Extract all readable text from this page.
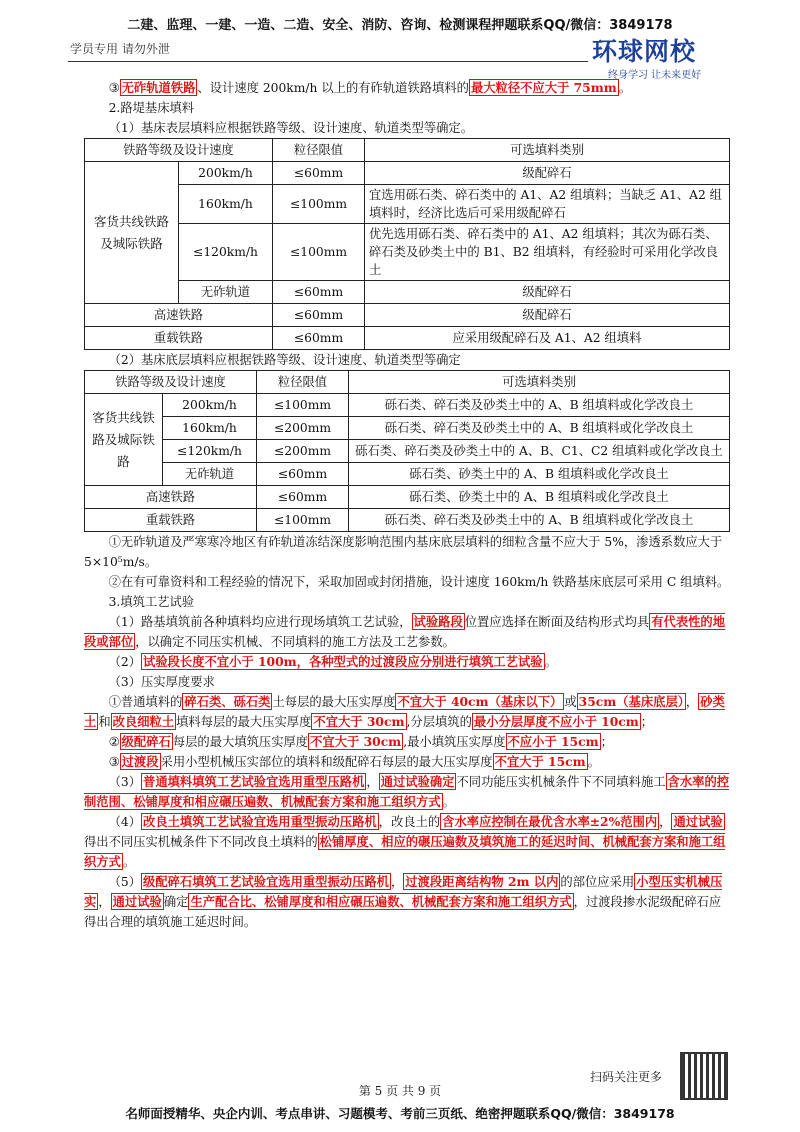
二建、监理、一建、一造、二造、安全、消防、咨询、检测课程押题联系QQ/微信：3849178
学员专用 请勿外泄	环球网校
终身学习 让未来更好

③ 无砟轨道铁路 、设计速度 200km/h 以上的有砟轨道铁路填料的 最大粒径不应大于 75mm 。

2.路堤基床填料

（1）基床表层填料应根据铁路等级、设计速度、轨道类型等确定。

铁路等级及设计速度		粒径限值	可选填料类别
客货共线铁路及城际铁路	200km/h	≤60mm	级配碎石
	160km/h	≤100mm	宜选用砾石类、碎石类中的 A1、A2 组填料；当缺乏 A1、A2 组填料时，经济比选后可采用级配碎石
	≤120km/h	≤100mm	优先选用砾石类、碎石类中的 A1、A2 组填料；其次为砾石类、碎石类及砂类土中的 B1、B2 组填料，有经验时可采用化学改良土
	无砟轨道	≤60mm	级配碎石
高速铁路		≤60mm	级配碎石
重载铁路		≤60mm	应采用级配碎石及 A1、A2 组填料

（2）基床底层填料应根据铁路等级、设计速度、轨道类型等确定

铁路等级及设计速度		粒径限值	可选填料类别
客货共线铁路及城际铁路	200km/h	≤100mm	砾石类、碎石类及砂类土中的 A、B 组填料或化学改良土
	160km/h	≤200mm	砾石类、碎石类及砂类土中的 A、B 组填料或化学改良土
	≤120km/h	≤200mm	砾石类、碎石类及砂类土中的 A、B、C1、C2 组填料或化学改良土
	无砟轨道	≤60mm	砾石类、砂类土中的 A、B 组填料或化学改良土
高速铁路		≤60mm	砾石类、砂类土中的 A、B 组填料或化学改良土
重载铁路		≤100mm	砾石类、碎石类及砂类土中的 A、B 组填料或化学改良土

①无砟轨道及严寒寒冷地区有砟轨道冻结深度影响范围内基床底层填料的细粒含量不应大于 5%，渗透系数应大于 5×10⁵m/s。

②在有可靠资料和工程经验的情况下，采取加固或封闭措施，设计速度 160km/h 铁路基床底层可采用 C 组填料。

3.填筑工艺试验

（1）路基填筑前各种填料均应进行现场填筑工艺试验， 试验路段 位置应选择在断面及结构形式均具 有代表性的地段或部位 ，以确定不同压实机械、不同填料的施工方法及工艺参数。

（2） 试验段长度不宜小于 100m，各种型式的过渡段应分别进行填筑工艺试验 。

（3）压实厚度要求

①普通填料的 碎石类、砾石类 土每层的最大压实厚度 不宜大于 40cm（基床以下） 或 35cm（基床底层） ， 砂类土 和 改良细粒土 填料每层的最大压实厚度 不宜大于 30cm ,分层填筑的 最小分层厚度不应小于 10cm ；

② 级配碎石 每层的最大填筑压实厚度 不宜大于 30cm ,最小填筑压实厚度 不应小于 15cm ；

③ 过渡段 采用小型机械压实部位的填料和级配碎石每层的最大压实厚度 不宜大于 15cm 。

（3） 普通填料填筑工艺试验宜选用重型压路机 ， 通过试验确定 不同功能压实机械条件下不同填料施工 含水率的控制范围、松铺厚度和相应碾压遍数、机械配套方案和施工组织方式 。

（4） 改良土填筑工艺试验宜选用重型振动压路机 ，改良土的 含水率应控制在最优含水率±2%范围内 ， 通过试验得出不同压实机械条件下不同改良土填料的 松铺厚度、相应的碾压遍数及填筑施工的延迟时间、机械配套方案和施工组织方式 。

（5） 级配碎石填筑工艺试验宜选用重型振动压路机 ， 过渡段距离结构物 2m 以内 的部位应采用 小型压实机械压实 ， 通过试验 确定 生产配合比、松铺厚度和相应碾压遍数、机械配套方案和施工组织方式 ，过渡段掺水泥级配碎石应得出合理的填筑施工延迟时间。

扫码关注更多
第 5 页 共 9 页
名师面授精华、央企内训、考点串讲、习题模考、考前三页纸、绝密押题联系QQ/微信：3849178
